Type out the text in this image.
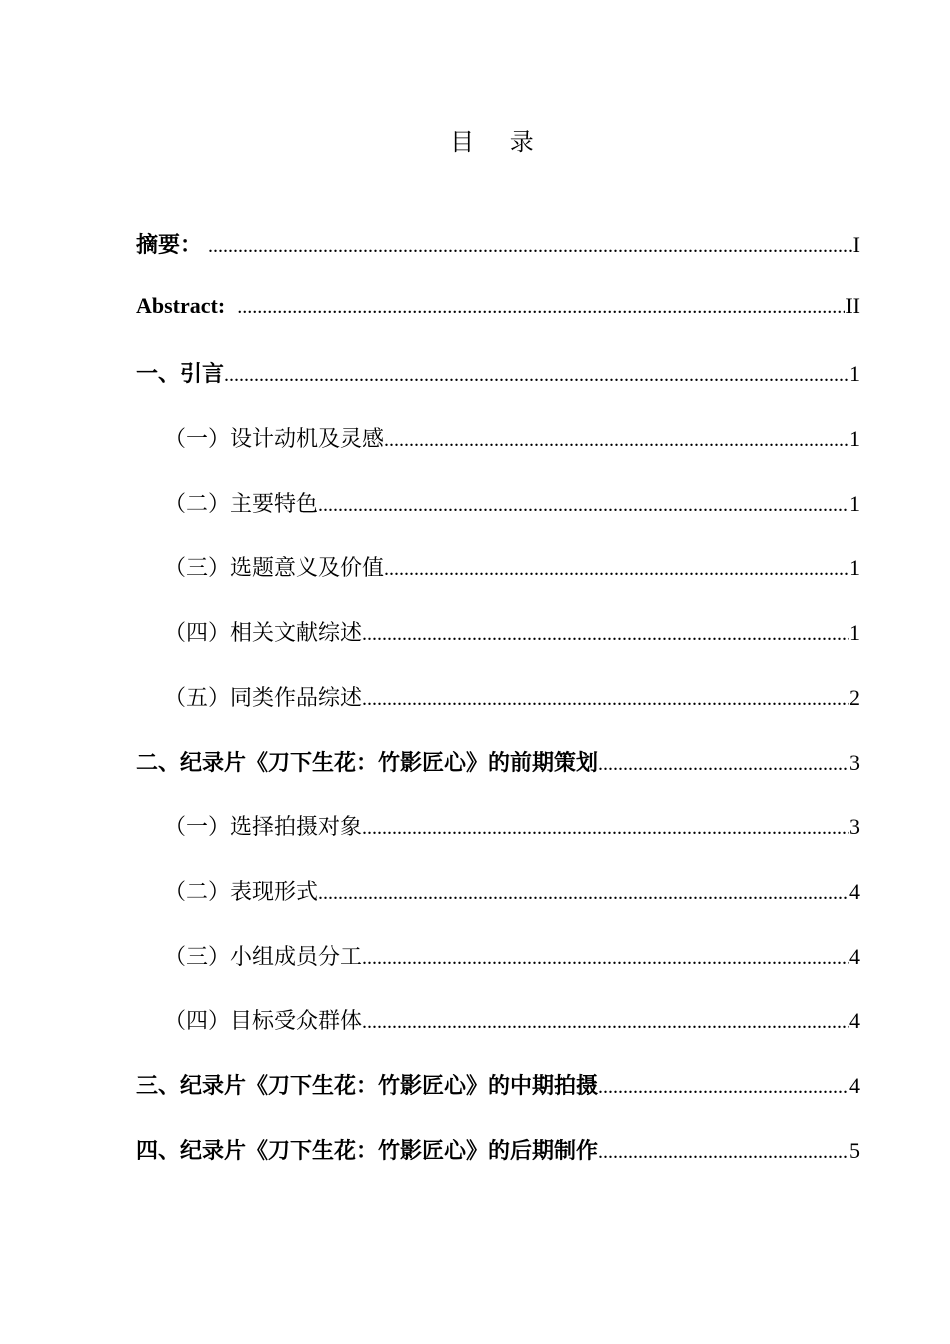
目 录
摘要： .....	I
Abstract: .....	II
一、引言 .....	1
（一）设计动机及灵感 .....	1
（二）主要特色 .....	1
（三）选题意义及价值 .....	1
（四）相关文献综述 .....	1
（五）同类作品综述 .....	2
二、纪录片《刀下生花：竹影匠心》的前期策划 .....	3
（一）选择拍摄对象 .....	3
（二）表现形式 .....	4
（三）小组成员分工 .....	4
（四）目标受众群体 .....	4
三、纪录片《刀下生花：竹影匠心》的中期拍摄 .....	4
四、纪录片《刀下生花：竹影匠心》的后期制作 .....	5
